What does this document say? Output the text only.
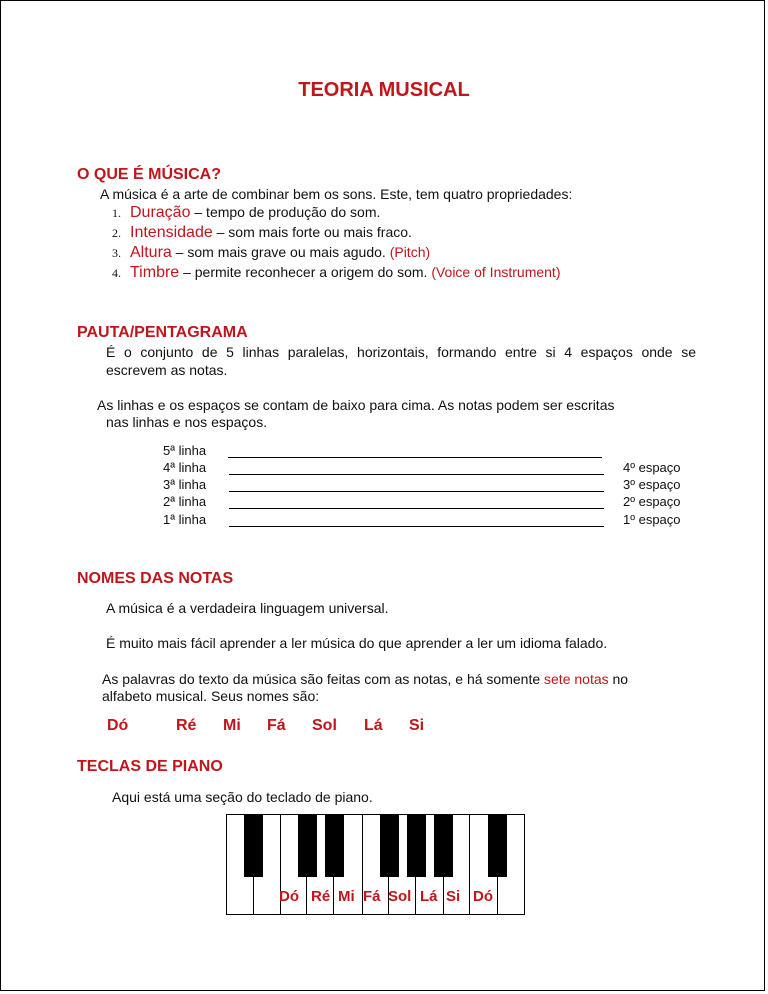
TEORIA MUSICAL
O QUE É MÚSICA?
A música é a arte de combinar bem os sons. Este, tem quatro propriedades:
1. Duração – tempo de produção do som.
2. Intensidade – som mais forte ou mais fraco.
3. Altura – som mais grave ou mais agudo. (Pitch)
4. Timbre – permite reconhecer a origem do som. (Voice of Instrument)
PAUTA/PENTAGRAMA
É o conjunto de 5 linhas paralelas, horizontais, formando entre si 4 espaços onde se
escrevem as notas.
As linhas e os espaços se contam de baixo para cima. As notas podem ser escritas
nas linhas e nos espaços.
5ª linha
4ª linha
3ª linha
2ª linha
1ª linha
4º espaço
3º espaço
2º espaço
1º espaço
NOMES DAS NOTAS
A música é a verdadeira linguagem universal.
É muito mais fácil aprender a ler música do que aprender a ler um idioma falado.
As palavras do texto da música são feitas com as notas, e há somente sete notas no
alfabeto musical. Seus nomes são:
Dó	Ré Mi Fá Sol Lá Si
TECLAS DE PIANO
Aqui está uma seção do teclado de piano.
Dó Ré Mi Fá Sol Lá Si Dó
